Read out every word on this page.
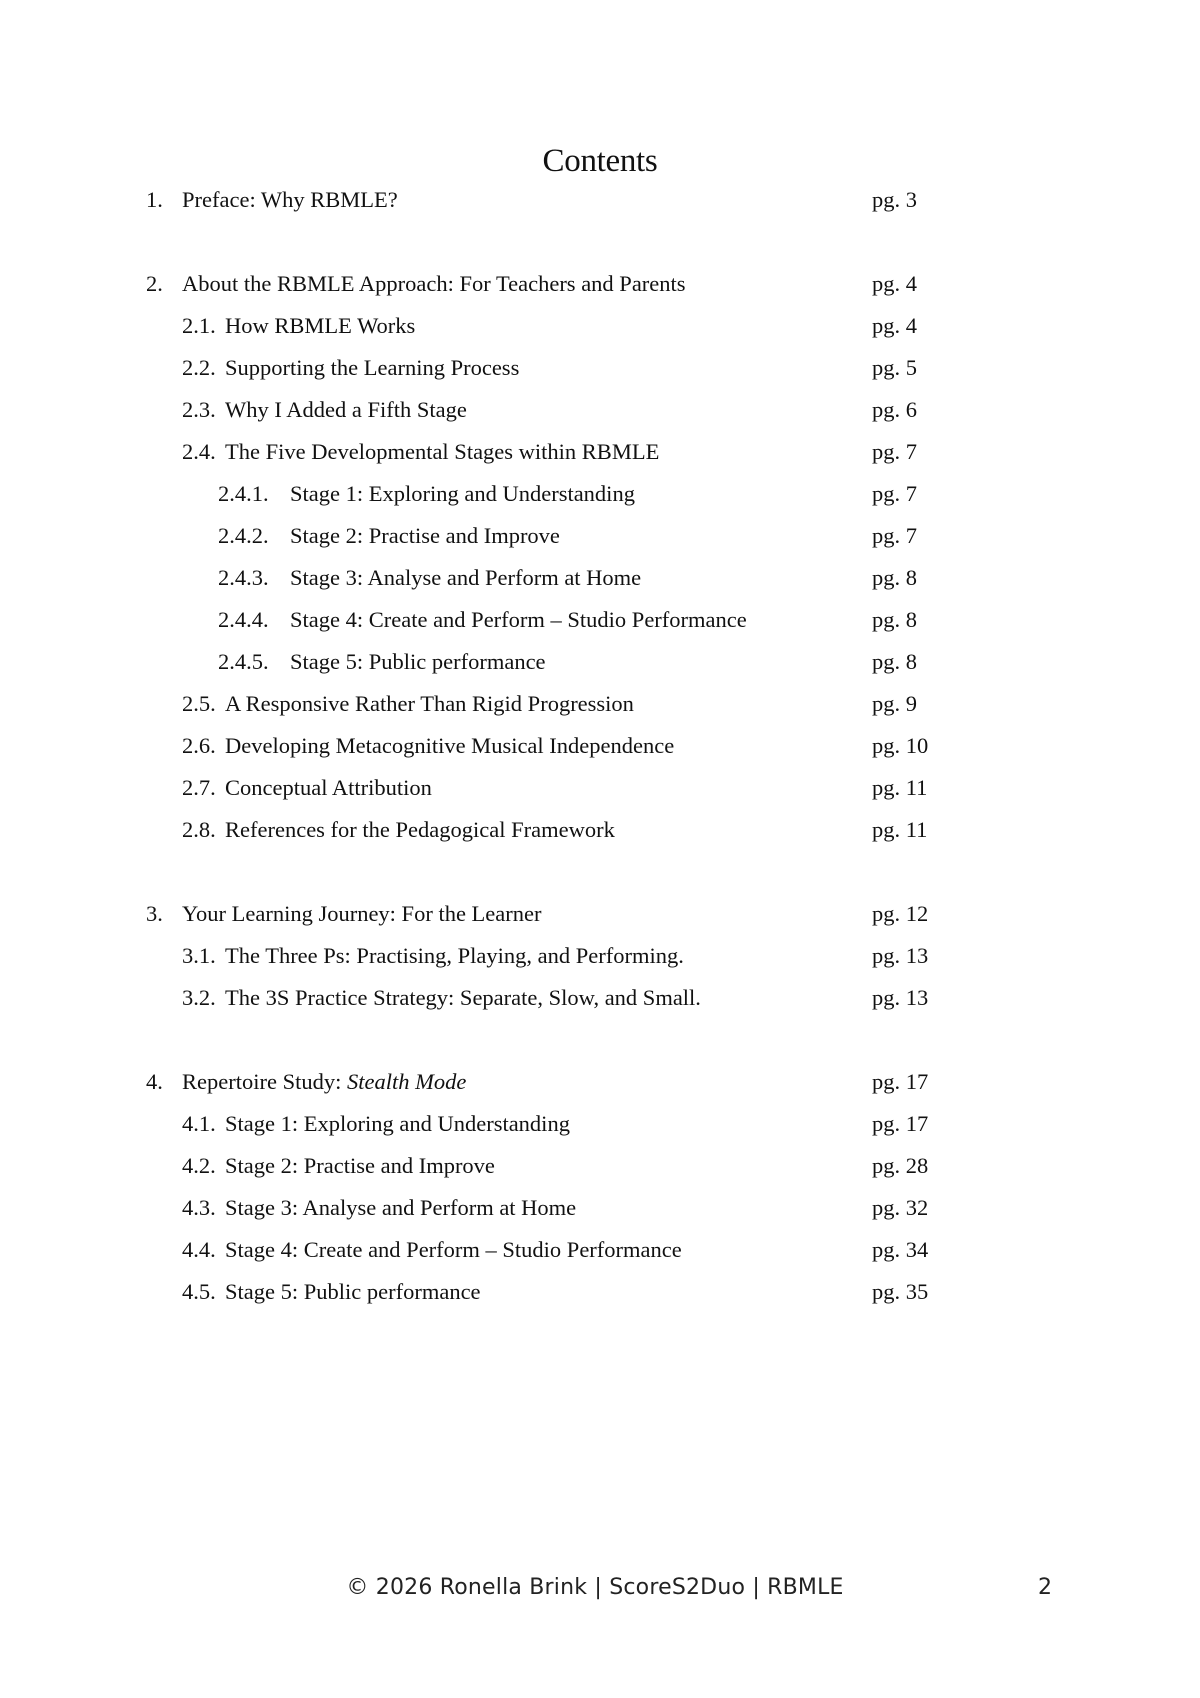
Contents
1. Preface: Why RBMLE?	pg. 3
2. About the RBMLE Approach: For Teachers and Parents	pg. 4
2.1. How RBMLE Works	pg. 4
2.2. Supporting the Learning Process	pg. 5
2.3. Why I Added a Fifth Stage	pg. 6
2.4. The Five Developmental Stages within RBMLE	pg. 7
2.4.1. Stage 1: Exploring and Understanding	pg. 7
2.4.2. Stage 2: Practise and Improve	pg. 7
2.4.3. Stage 3: Analyse and Perform at Home	pg. 8
2.4.4. Stage 4: Create and Perform – Studio Performance	pg. 8
2.4.5. Stage 5: Public performance	pg. 8
2.5. A Responsive Rather Than Rigid Progression	pg. 9
2.6. Developing Metacognitive Musical Independence	pg. 10
2.7. Conceptual Attribution	pg. 11
2.8. References for the Pedagogical Framework	pg. 11
3. Your Learning Journey: For the Learner	pg. 12
3.1. The Three Ps: Practising, Playing, and Performing.	pg. 13
3.2. The 3S Practice Strategy: Separate, Slow, and Small.	pg. 13
4. Repertoire Study: Stealth Mode	pg. 17
4.1. Stage 1: Exploring and Understanding	pg. 17
4.2. Stage 2: Practise and Improve	pg. 28
4.3. Stage 3: Analyse and Perform at Home	pg. 32
4.4. Stage 4: Create and Perform – Studio Performance	pg. 34
4.5. Stage 5: Public performance	pg. 35
© 2026 Ronella Brink | ScoreS2Duo | RBMLE	2
